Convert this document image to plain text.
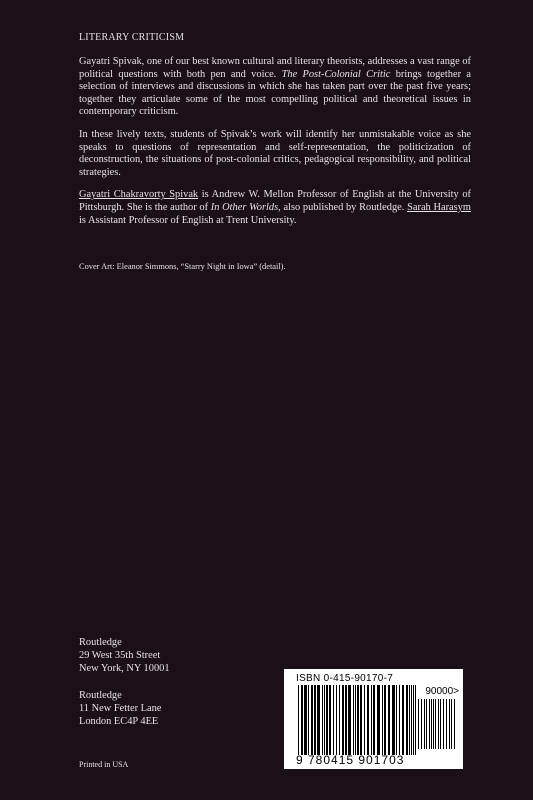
LITERARY CRITICISM

Gayatri Spivak, one of our best known cultural and literary theorists, addresses a vast range of political questions with both pen and voice. The Post-Colonial Critic brings together a selection of interviews and discussions in which she has taken part over the past five years; together they articulate some of the most compelling political and theoretical issues in contemporary criticism.

In these lively texts, students of Spivak’s work will identify her unmistakable voice as she speaks to questions of representation and self-representation, the politicization of deconstruction, the situations of post-colonial critics, pedagogical responsibility, and political strategies.

Gayatri Chakravorty Spivak is Andrew W. Mellon Professor of English at the University of Pittsburgh. She is the author of In Other Worlds, also published by Routledge. Sarah Harasym is Assistant Professor of English at Trent University.

Cover Art: Eleanor Simmons, “Starry Night in Iowa” (detail).
Routledge
29 West 35th Street
New York, NY 10001
Routledge
11 New Fetter Lane
London EC4P 4EE
Printed in USA
ISBN 0-415-90170-7
90000>
9 780415 901703
